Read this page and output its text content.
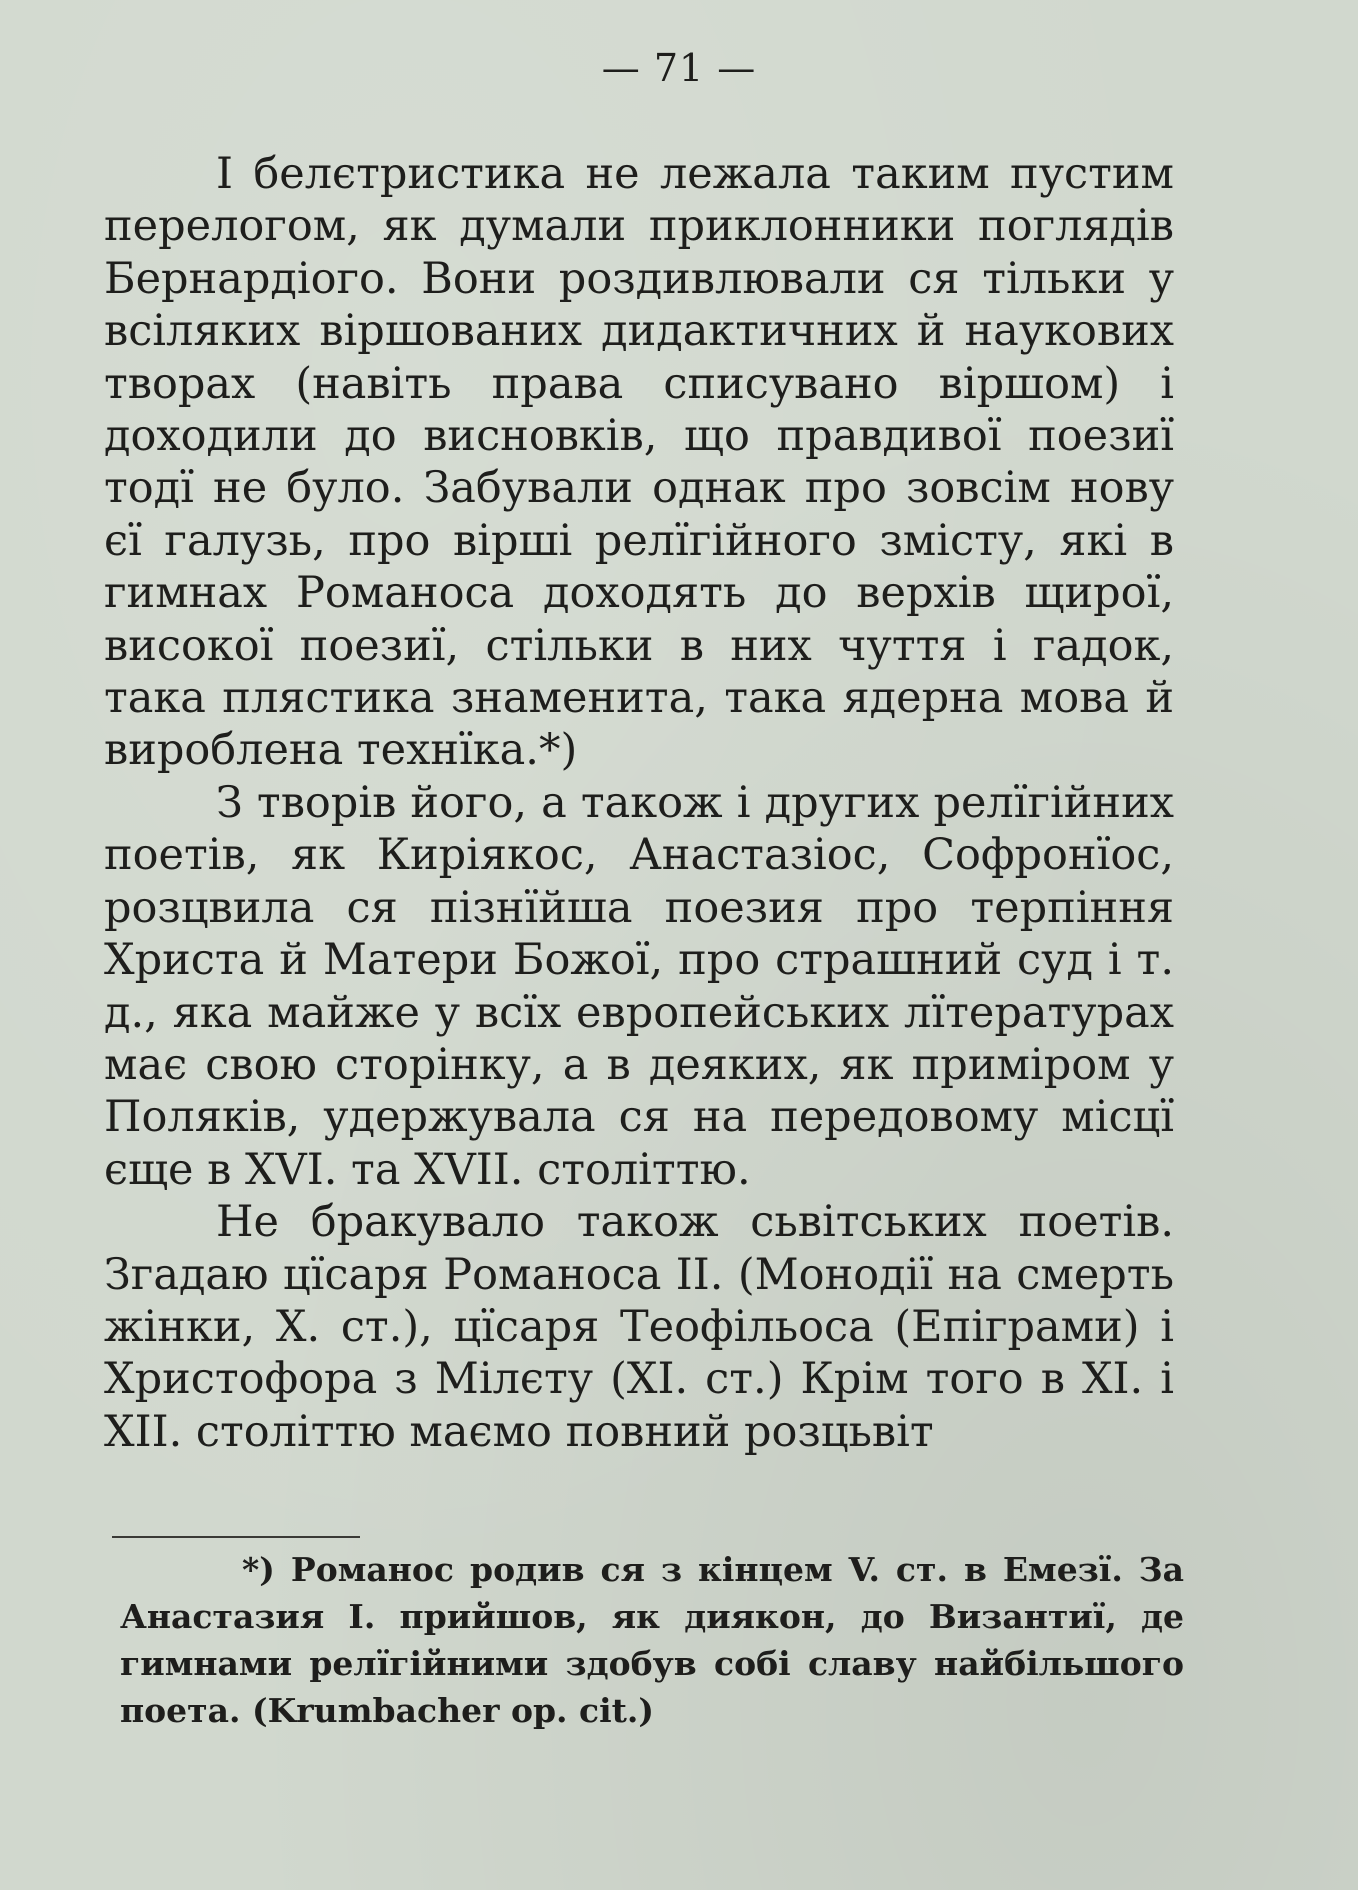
— 71 —

І белєтристика не лежала таким пустим перелогом, як думали приклонники поглядів Бернардіого. Вони роздивлювали ся тільки у всіляких віршованих дидактичних й наукових творах (навіть права списувано віршом) і доходили до висновків, що правдивої поезиї тодї не було. Забували однак про зовсім нову єї галузь, про вірші релїгійного змісту, які в гимнах Романоса доходять до верхів щирої, високої поезиї, стільки в них чуття і гадок, така плястика знаменита, така ядерна мова й вироблена технїка.*)

З творів його, а також і других релїгійних поетів, як Киріякос, Анастазіос, Софронїос, розцвила ся пізнїйша поезия про терпіння Христа й Матери Божої, про страшний суд і т. д., яка майже у всїх европейських лїтературах має свою сторінку, а в деяких, як приміром у Поляків, удержувала ся на передовому місцї єще в XVI. та XVII. століттю.

Не бракувало також сьвітських поетів. Згадаю цїсаря Романоса II. (Монодії на смерть жінки, X. ст.), цїсаря Теофільоса (Епіграми) і Христофора з Мілєту (XI. ст.) Крім того в XI. і XII. століттю маємо повний розцьвіт

*) Романос родив ся з кінцем V. ст. в Емезї. За Анастазия І. прийшов, як диякон, до Византиї, де гимнами релїгійними здобув собі славу найбільшого поета. (Krumbacher op. cit.)
